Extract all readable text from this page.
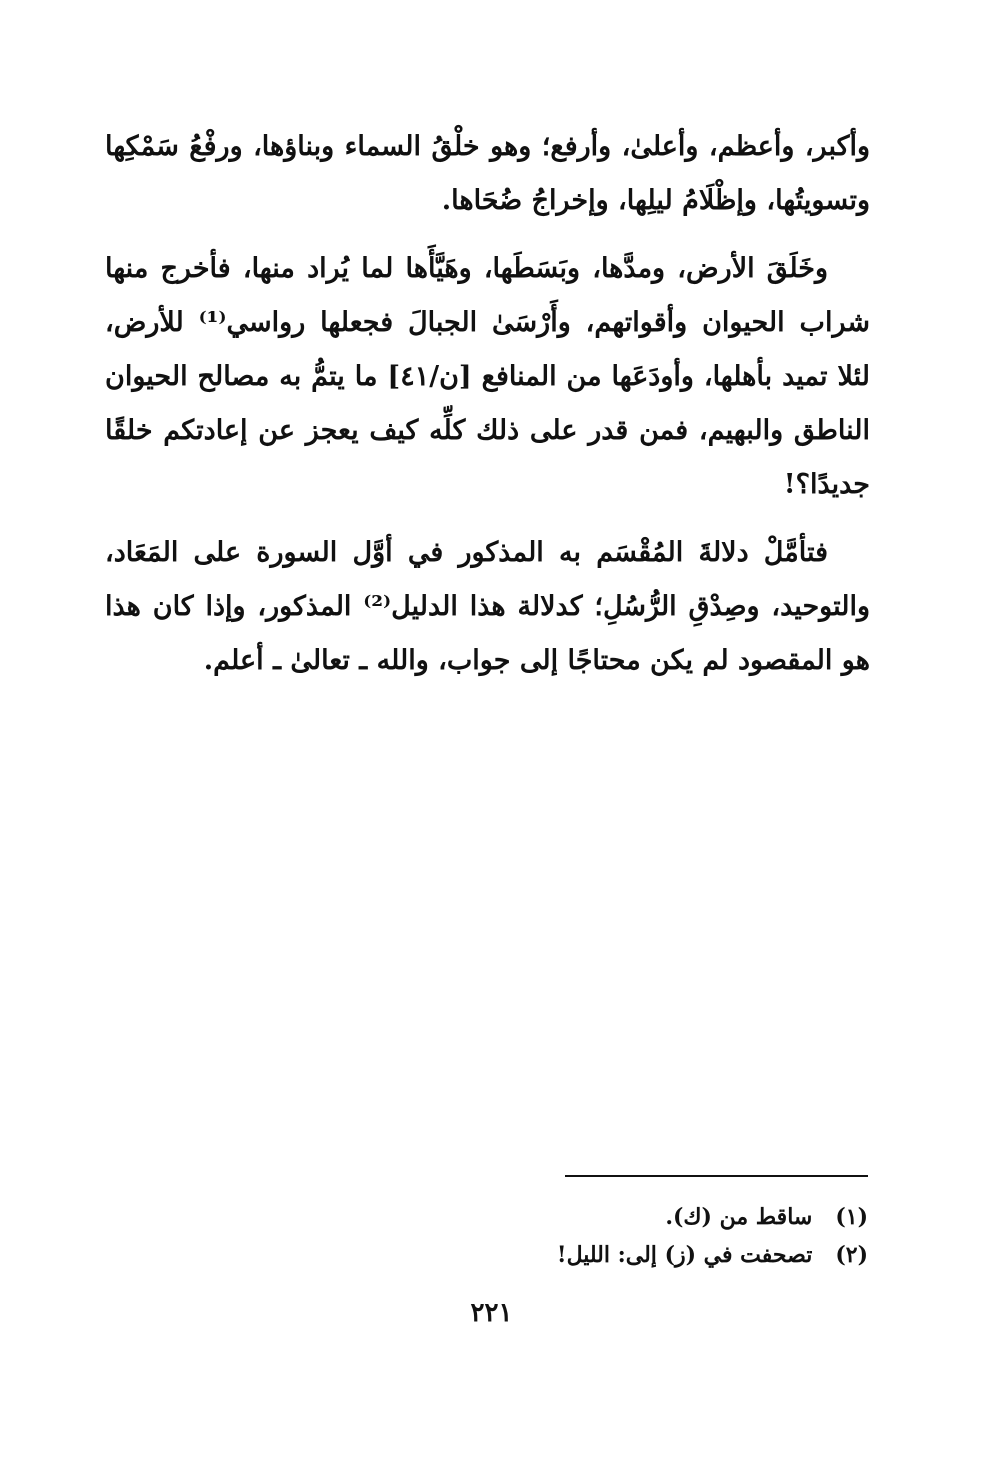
وأكبر، وأعظم، وأعلىٰ، وأرفع؛ وهو خلْقُ السماء وبناؤها، ورفْعُ سَمْكِها وتسويتُها، وإظْلَامُ ليلِها، وإخراجُ ضُحَاها.

وخَلَقَ الأرض، ومدَّها، وبَسَطَها، وهَيَّأَها لما يُراد منها، فأخرج منها شراب الحيوان وأقواتهم، وأَرْسَىٰ الجبالَ فجعلها رواسي⁽¹⁾ للأرض، لئلا تميد بأهلها، وأودَعَها من المنافع [ن/٤١] ما يتمُّ به مصالح الحيوان الناطق والبهيم، فمن قدر على ذلك كلِّه كيف يعجز عن إعادتكم خلقًا جديدًا؟!

فتأمَّلْ دلالةَ المُقْسَم به المذكور في أوَّل السورة على المَعَاد، والتوحيد، وصِدْقِ الرُّسُلِ؛ كدلالة هذا الدليل⁽²⁾ المذكور، وإذا كان هذا هو المقصود لم يكن محتاجًا إلى جواب، والله ـ تعالىٰ ـ أعلم.

(١) ساقط من (ك).
(٢) تصحفت في (ز) إلى: الليل!
٢٢١
